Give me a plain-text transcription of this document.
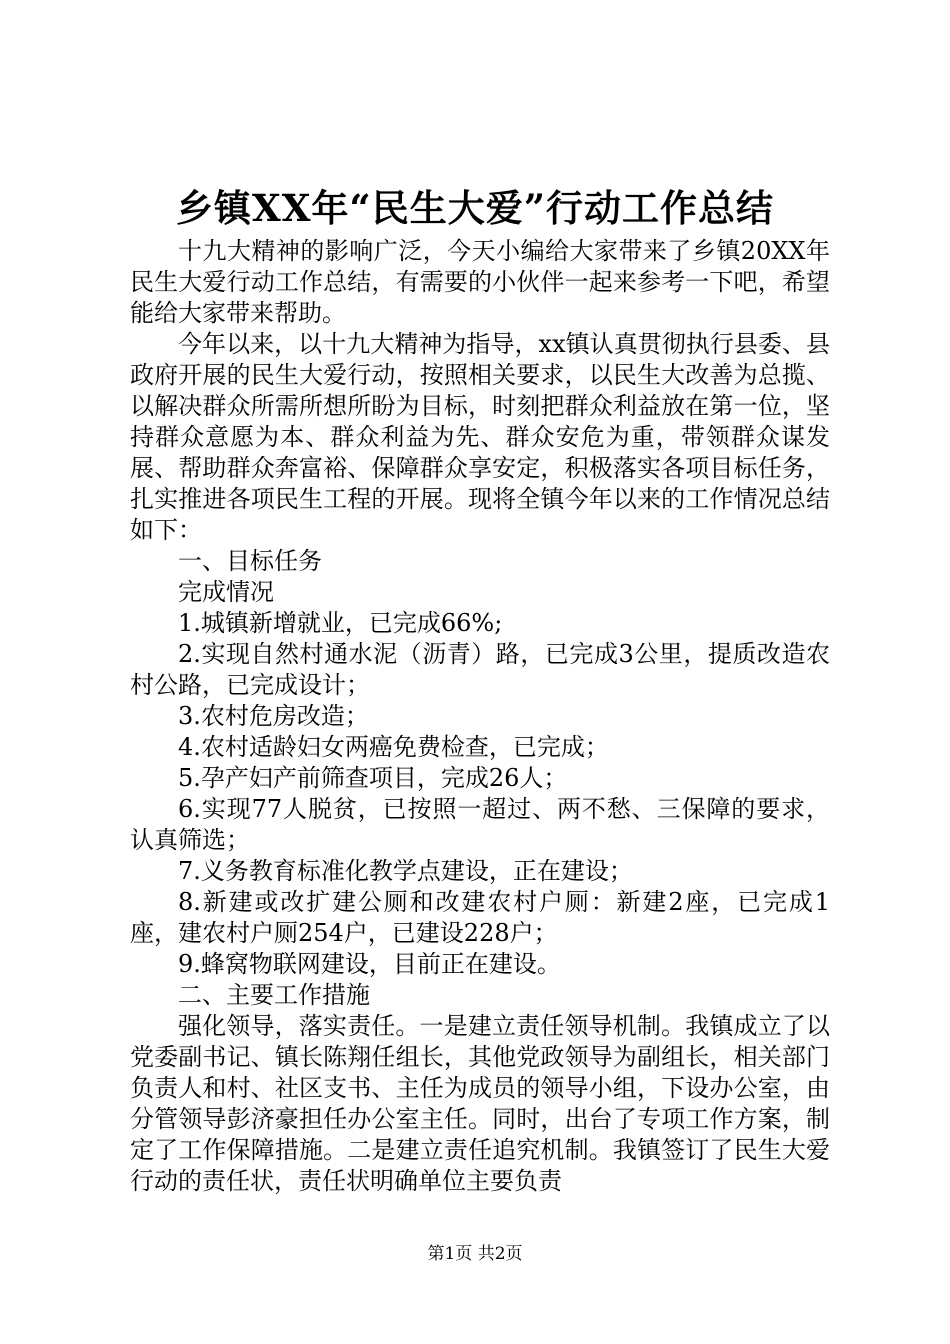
乡镇XX年“民生大爱”行动工作总结

十九大精神的影响广泛，今天小编给大家带来了乡镇20XX年民生大爱行动工作总结，有需要的小伙伴一起来参考一下吧，希望能给大家带来帮助。

今年以来，以十九大精神为指导，xx镇认真贯彻执行县委、县政府开展的民生大爱行动，按照相关要求，以民生大改善为总揽、以解决群众所需所想所盼为目标，时刻把群众利益放在第一位，坚持群众意愿为本、群众利益为先、群众安危为重，带领群众谋发展、帮助群众奔富裕、保障群众享安定，积极落实各项目标任务，扎实推进各项民生工程的开展。现将全镇今年以来的工作情况总结如下：

一、目标任务

完成情况

1.城镇新增就业，已完成66%;

2.实现自然村通水泥（沥青）路，已完成3公里，提质改造农村公路，已完成设计；

3.农村危房改造；

4.农村适龄妇女两癌免费检查，已完成；

5.孕产妇产前筛查项目，完成26人；

6.实现77人脱贫，已按照一超过、两不愁、三保障的要求，认真筛选；

7.义务教育标准化教学点建设，正在建设；

8.新建或改扩建公厕和改建农村户厕：新建2座，已完成1座，建农村户厕254户，已建设228户；

9.蜂窝物联网建设，目前正在建设。

二、主要工作措施

强化领导，落实责任。一是建立责任领导机制。我镇成立了以党委副书记、镇长陈翔任组长，其他党政领导为副组长，相关部门负责人和村、社区支书、主任为成员的领导小组，下设办公室，由分管领导彭济豪担任办公室主任。同时，出台了专项工作方案，制定了工作保障措施。二是建立责任追究机制。我镇签订了民生大爱行动的责任状，责任状明确单位主要负责

第1页 共2页
